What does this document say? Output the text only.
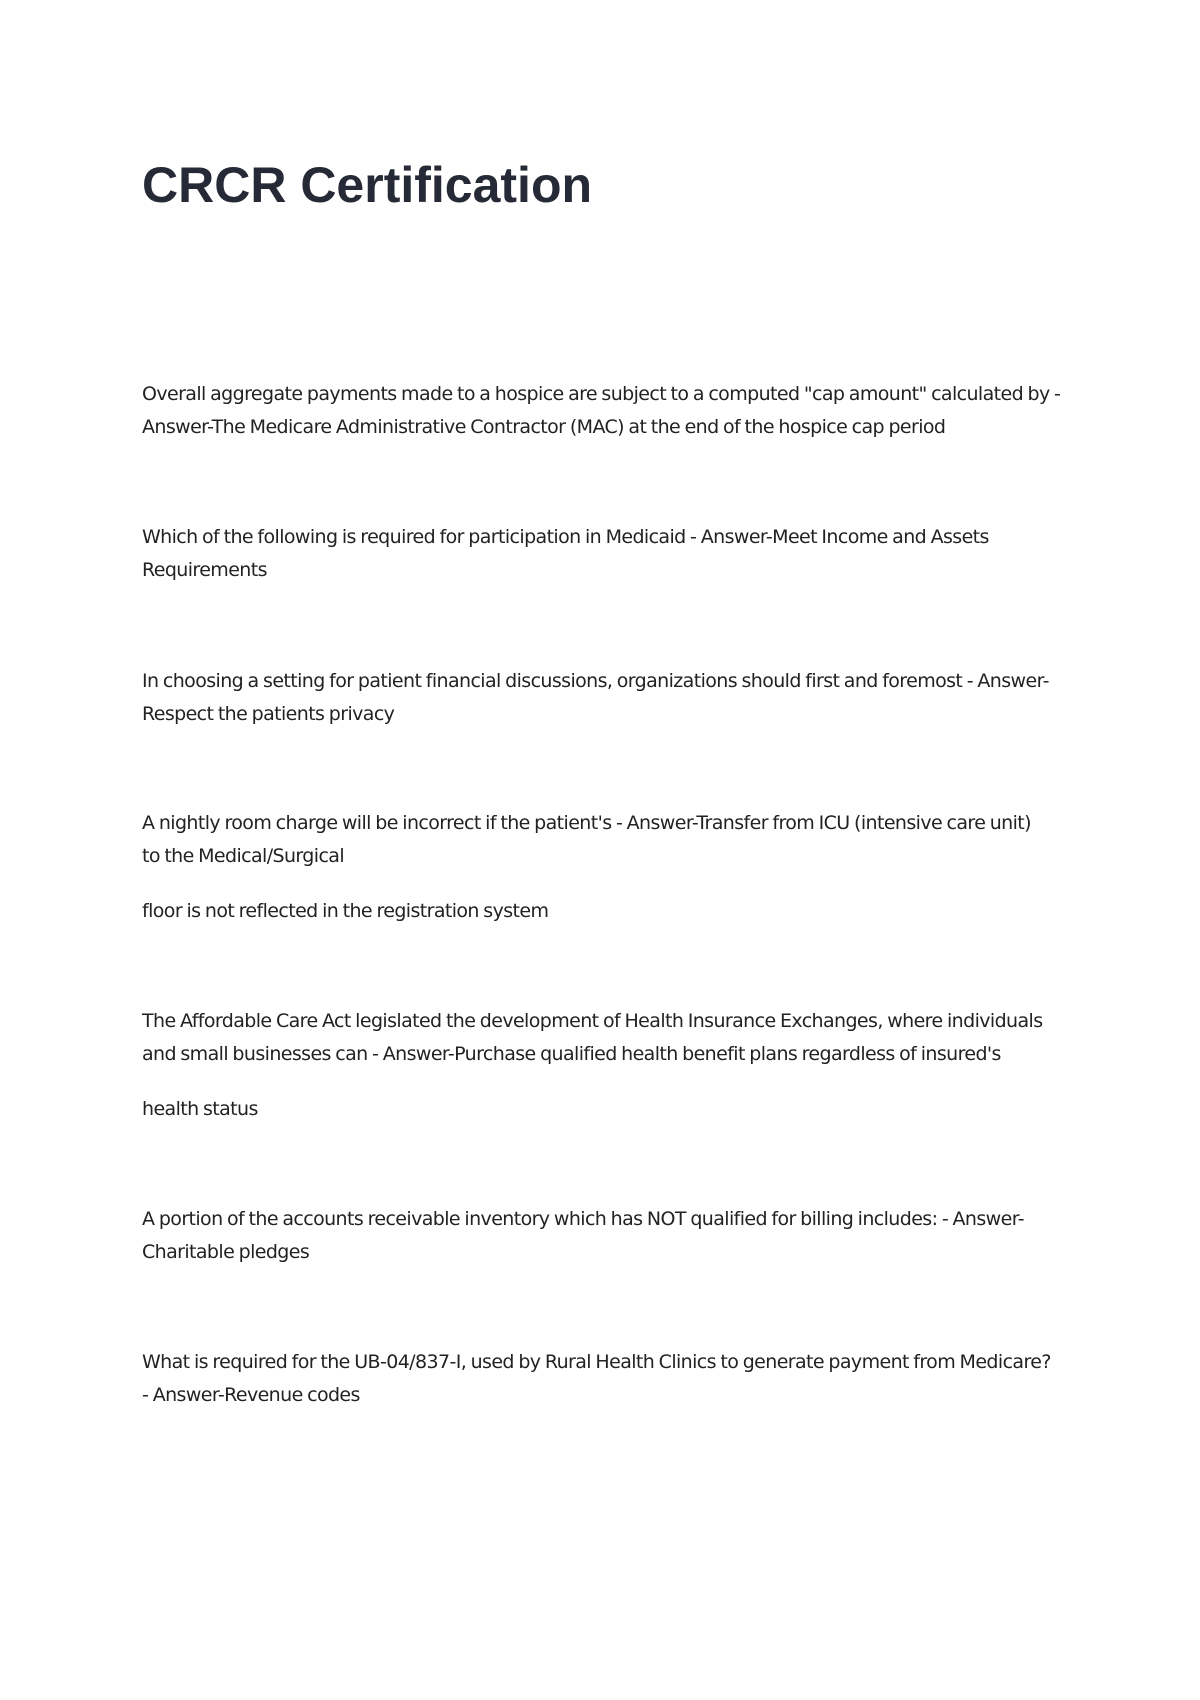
CRCR Certification

Overall aggregate payments made to a hospice are subject to a computed "cap amount" calculated by -
Answer-The Medicare Administrative Contractor (MAC) at the end of the hospice cap period

Which of the following is required for participation in Medicaid - Answer-Meet Income and Assets
Requirements

In choosing a setting for patient financial discussions, organizations should first and foremost - Answer-
Respect the patients privacy

A nightly room charge will be incorrect if the patient's - Answer-Transfer from ICU (intensive care unit)
to the Medical/Surgical
floor is not reflected in the registration system

The Affordable Care Act legislated the development of Health Insurance Exchanges, where individuals
and small businesses can - Answer-Purchase qualified health benefit plans regardless of insured's
health status

A portion of the accounts receivable inventory which has NOT qualified for billing includes: - Answer-
Charitable pledges

What is required for the UB-04/837-I, used by Rural Health Clinics to generate payment from Medicare?
- Answer-Revenue codes
